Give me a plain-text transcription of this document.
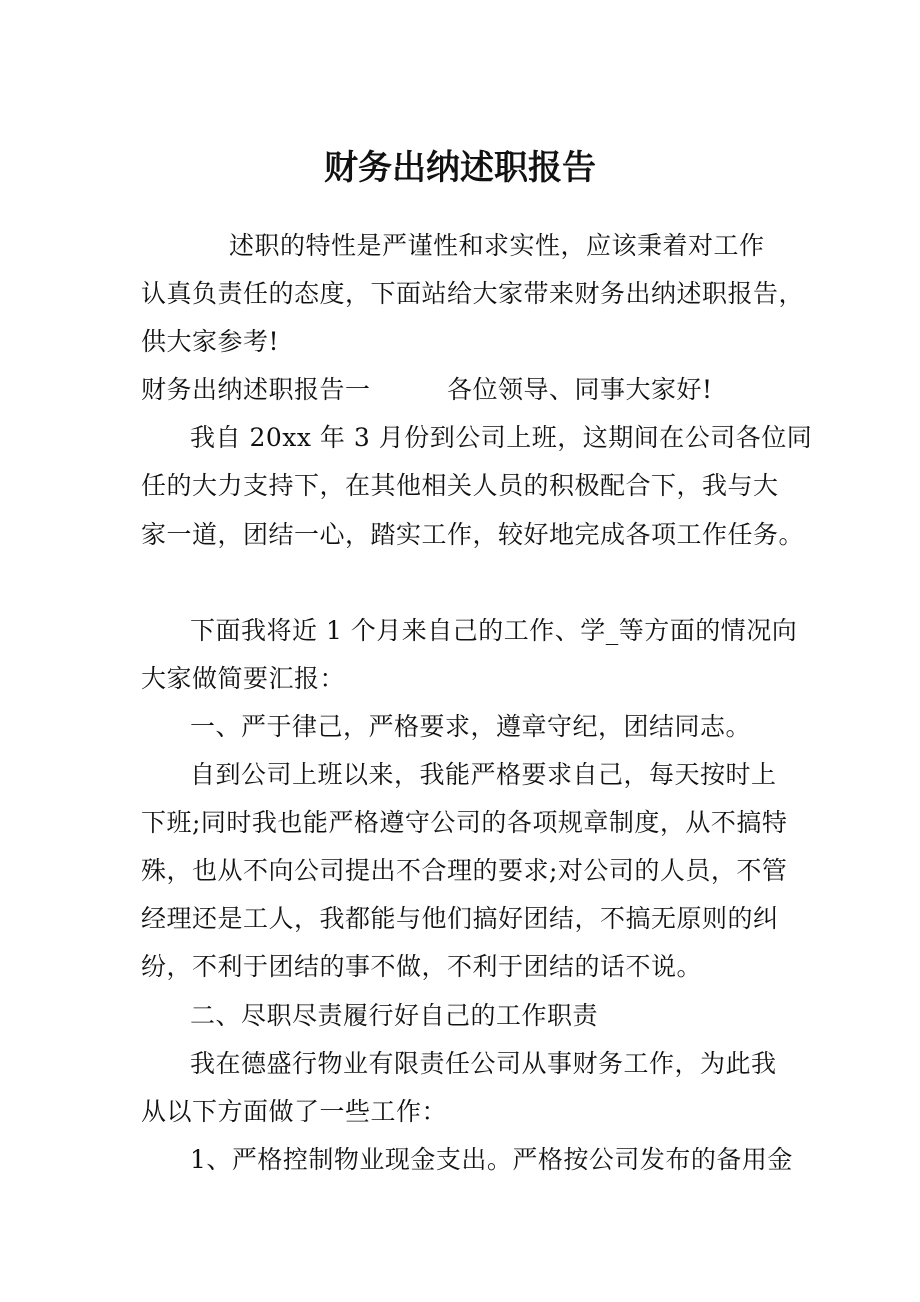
财务出纳述职报告

述职的特性是严谨性和求实性，应该秉着对工作

认真负责任的态度，下面站给大家带来财务出纳述职报告，

供大家参考!

财务出纳述职报告一　　　各位领导、同事大家好!

我自 20xx 年 3 月份到公司上班，这期间在公司各位同

任的大力支持下，在其他相关人员的积极配合下，我与大

家一道，团结一心，踏实工作，较好地完成各项工作任务。

下面我将近 1 个月来自己的工作、学_等方面的情况向

大家做简要汇报：

一、严于律己，严格要求，遵章守纪，团结同志。

自到公司上班以来，我能严格要求自己，每天按时上

下班;同时我也能严格遵守公司的各项规章制度，从不搞特

殊，也从不向公司提出不合理的要求;对公司的人员，不管

经理还是工人，我都能与他们搞好团结，不搞无原则的纠

纷，不利于团结的事不做，不利于团结的话不说。

二、尽职尽责履行好自己的工作职责

我在德盛行物业有限责任公司从事财务工作，为此我

从以下方面做了一些工作：

1、严格控制物业现金支出。严格按公司发布的备用金
